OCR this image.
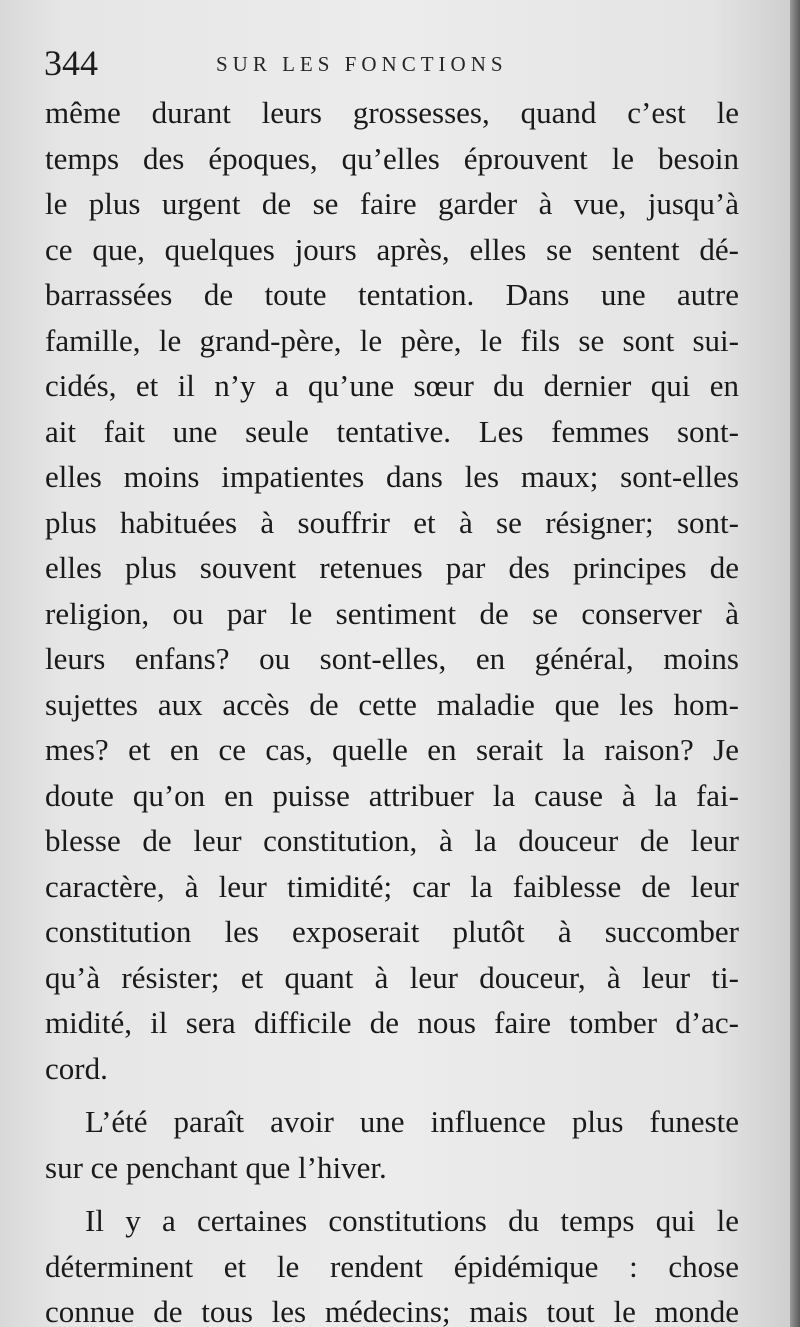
344	SUR LES FONCTIONS
même durant leurs grossesses, quand c’est le
temps des époques, qu’elles éprouvent le besoin
le plus urgent de se faire garder à vue, jusqu’à
ce que, quelques jours après, elles se sentent dé-
barrassées de toute tentation. Dans une autre
famille, le grand-père, le père, le fils se sont sui-
cidés, et il n’y a qu’une sœur du dernier qui en
ait fait une seule tentative. Les femmes sont-
elles moins impatientes dans les maux; sont-elles
plus habituées à souffrir et à se résigner; sont-
elles plus souvent retenues par des principes de
religion, ou par le sentiment de se conserver à
leurs enfans? ou sont-elles, en général, moins
sujettes aux accès de cette maladie que les hom-
mes? et en ce cas, quelle en serait la raison? Je
doute qu’on en puisse attribuer la cause à la fai-
blesse de leur constitution, à la douceur de leur
caractère, à leur timidité; car la faiblesse de leur
constitution les exposerait plutôt à succomber
qu’à résister; et quant à leur douceur, à leur ti-
midité, il sera difficile de nous faire tomber d’ac-
cord.
L’été paraît avoir une influence plus funeste
sur ce penchant que l’hiver.
Il y a certaines constitutions du temps qui le
déterminent et le rendent épidémique : chose
connue de tous les médecins; mais tout le monde
